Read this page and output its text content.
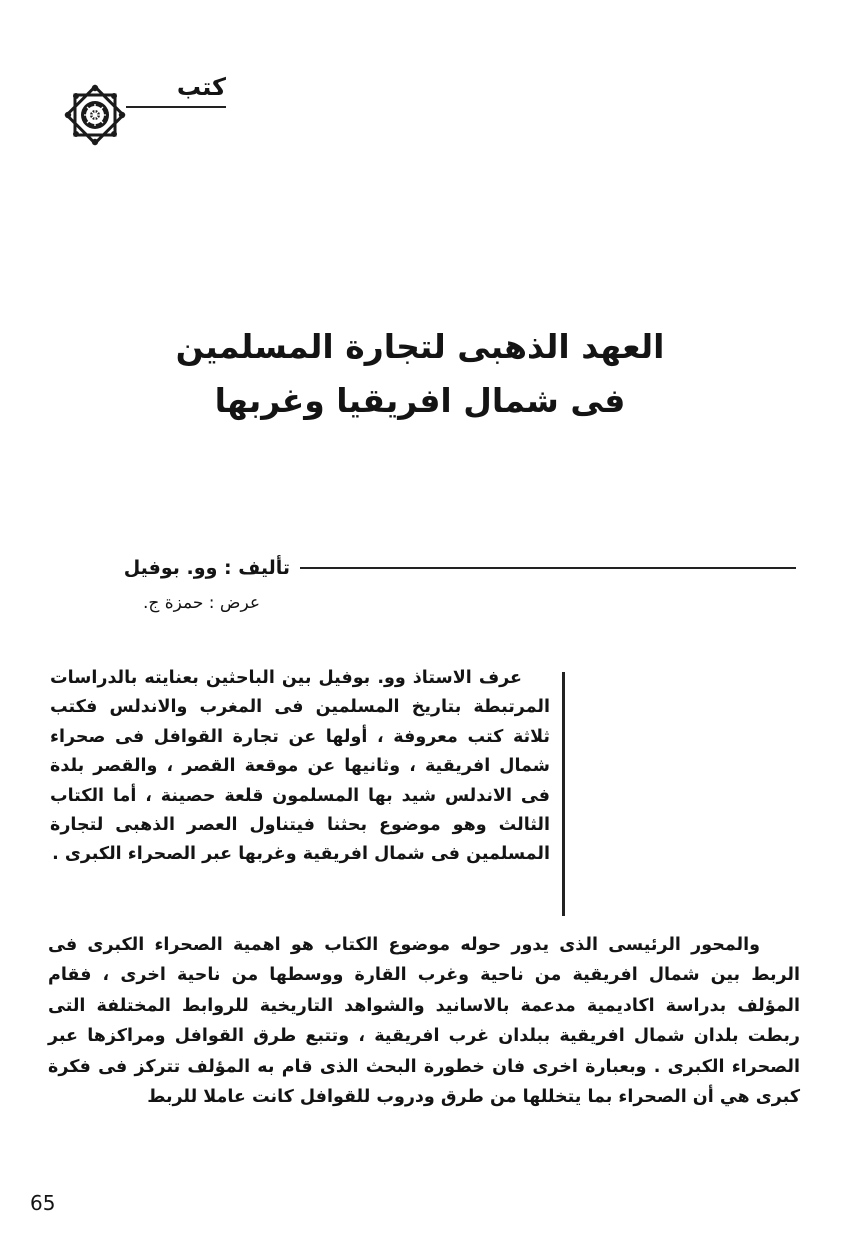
كتب
العهد الذهبى لتجارة المسلمين
فى شمال افريقيا وغربها
تأليف : وو. بوفيل
عرض : حمزة ج.

عرف الاستاذ وو. بوفيل بين الباحثين بعنايته بالدراسات المرتبطة بتاريخ المسلمين فى المغرب والاندلس فكتب ثلاثة كتب معروفة ، أولها عن تجارة القوافل فى صحراء شمال افريقية ، وثانيها عن موقعة القصر ، والقصر بلدة فى الاندلس شيد بها المسلمون قلعة حصينة ، أما الكتاب الثالث وهو موضوع بحثنا فيتناول العصر الذهبى لتجارة المسلمين فى شمال افريقية وغربها عبر الصحراء الكبرى .

والمحور الرئيسى الذى يدور حوله موضوع الكتاب هو اهمية الصحراء الكبرى فى الربط بين شمال افريقية من ناحية وغرب القارة ووسطها من ناحية اخرى ، فقام المؤلف بدراسة اكاديمية مدعمة بالاسانيد والشواهد التاريخية للروابط المختلفة التى ربطت بلدان شمال افريقية ببلدان غرب افريقية ، وتتبع طرق القوافل ومراكزها عبر الصحراء الكبرى . وبعبارة اخرى فان خطورة البحث الذى قام به المؤلف تتركز فى فكرة كبرى هي أن الصحراء بما يتخللها من طرق ودروب للقوافل كانت عاملا للربط

65
